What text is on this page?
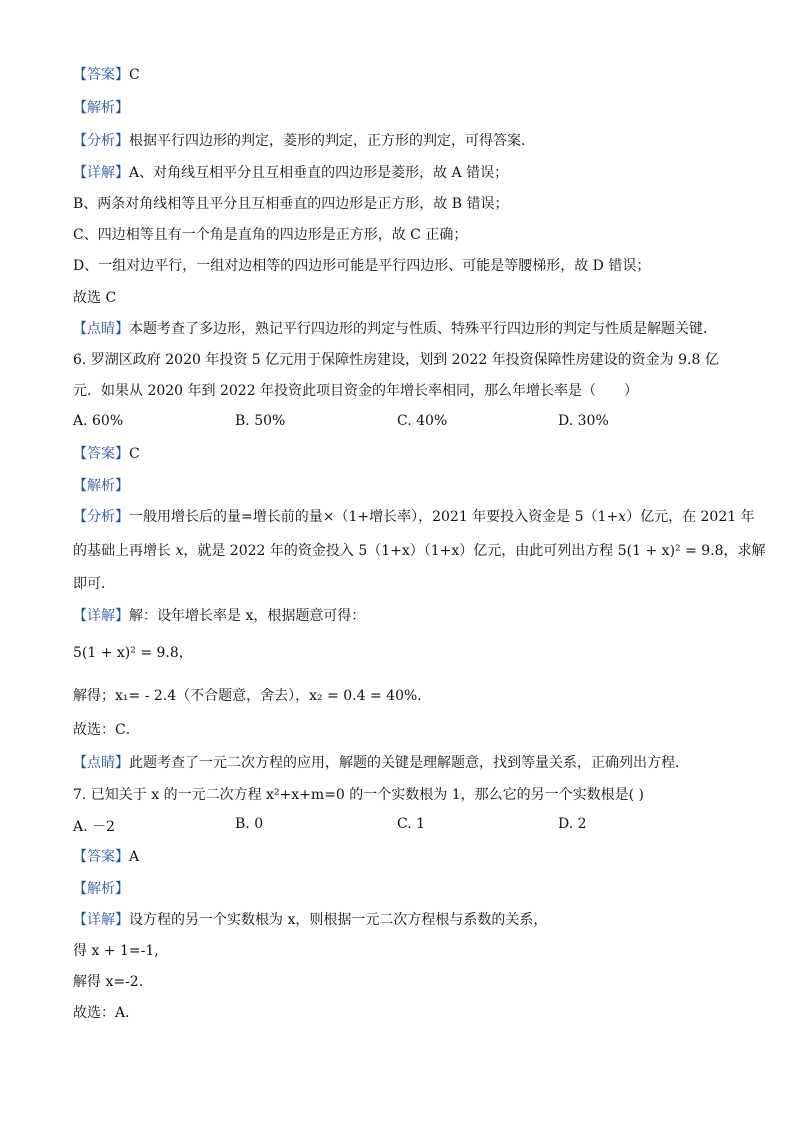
【答案】C
【解析】
【分析】根据平行四边形的判定，菱形的判定，正方形的判定，可得答案．
【详解】A、对角线互相平分且互相垂直的四边形是菱形，故 A 错误；
B、两条对角线相等且平分且互相垂直的四边形是正方形，故 B 错误；
C、四边相等且有一个角是直角的四边形是正方形，故 C 正确；
D、一组对边平行，一组对边相等的四边形可能是平行四边形、可能是等腰梯形，故 D 错误；
故选 C
【点睛】本题考查了多边形，熟记平行四边形的判定与性质、特殊平行四边形的判定与性质是解题关键．
6. 罗湖区政府 2020 年投资 5 亿元用于保障性房建设，划到 2022 年投资保障性房建设的资金为 9.8 亿
元．如果从 2020 年到 2022 年投资此项目资金的年增长率相同，那么年增长率是（　　）
A. 60%	B. 50%	C. 40%	D. 30%
【答案】C
【解析】
【分析】一般用增长后的量=增长前的量×（1+增长率），2021 年要投入资金是 5（1+x）亿元，在 2021 年
的基础上再增长 x，就是 2022 年的资金投入 5（1+x）（1+x）亿元，由此可列出方程 5(1 + x)² = 9.8，求解
即可．
【详解】解：设年增长率是 x，根据题意可得：
5(1 + x)² = 9.8，
解得；x₁= - 2.4（不合题意，舍去），x₂ = 0.4 = 40%．
故选：C．
【点睛】此题考查了一元二次方程的应用，解题的关键是理解题意，找到等量关系，正确列出方程．
7. 已知关于 x 的一元二次方程 x²+x+m=0 的一个实数根为 1，那么它的另一个实数根是( )
A. －2	B. 0	C. 1	D. 2
【答案】A
【解析】
【详解】设方程的另一个实数根为 x，则根据一元二次方程根与系数的关系，
得 x + 1=-1,
解得 x=-2.
故选：A．
